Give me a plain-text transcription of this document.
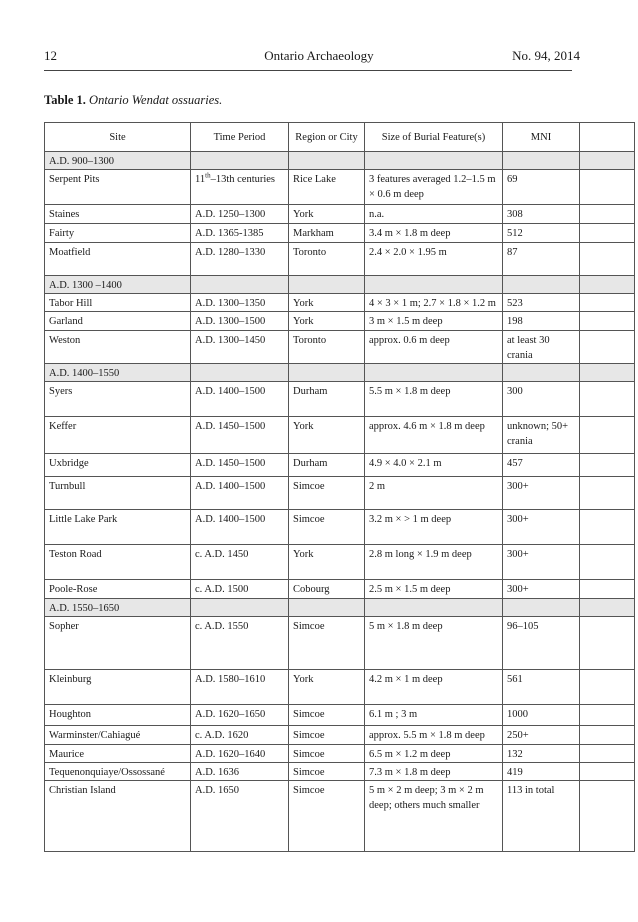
12	Ontario Archaeology	No. 94, 2014
Table 1. Ontario Wendat ossuaries.
Site	Time Period	Region or City	Size of Burial Feature(s)	MNI	
A.D. 900–1300					
Serpent Pits	11th–13th centuries	Rice Lake	3 features averaged 1.2–1.5 m × 0.6 m deep	69	
Staines	A.D. 1250–1300	York	n.a.	308	
Fairty	A.D. 1365-1385	Markham	3.4 m × 1.8 m deep	512	
Moatfield	A.D. 1280–1330	Toronto	2.4 × 2.0 × 1.95 m	87	
A.D. 1300 –1400					
Tabor Hill	A.D. 1300–1350	York	4 × 3 × 1 m; 2.7 × 1.8 × 1.2 m	523	
Garland	A.D. 1300–1500	York	3 m × 1.5 m deep	198	
Weston	A.D. 1300–1450	Toronto	approx. 0.6 m deep	at least 30 crania	
A.D. 1400–1550					
Syers	A.D. 1400–1500	Durham	5.5 m × 1.8 m deep	300	
Keffer	A.D. 1450–1500	York	approx. 4.6 m × 1.8 m deep	unknown; 50+ crania	
Uxbridge	A.D. 1450–1500	Durham	4.9 × 4.0 × 2.1 m	457	
Turnbull	A.D. 1400–1500	Simcoe	2 m	300+	
Little Lake Park	A.D. 1400–1500	Simcoe	3.2 m × > 1 m deep	300+	
Teston Road	c. A.D. 1450	York	2.8 m long × 1.9 m deep	300+	
Poole-Rose	c. A.D. 1500	Cobourg	2.5 m × 1.5 m deep	300+	
A.D. 1550–1650					
Sopher	c. A.D. 1550	Simcoe	5 m × 1.8 m deep	96–105	
Kleinburg	A.D. 1580–1610	York	4.2 m × 1 m deep	561	
Houghton	A.D. 1620–1650	Simcoe	6.1 m ; 3 m	1000	
Warminster/Cahiagué	c. A.D. 1620	Simcoe	approx. 5.5 m × 1.8 m deep	250+	
Maurice	A.D. 1620–1640	Simcoe	6.5 m × 1.2 m deep	132	
Tequenonquiaye/Ossossané	A.D. 1636	Simcoe	7.3 m × 1.8 m deep	419	
Christian Island	A.D. 1650	Simcoe	5 m × 2 m deep; 3 m × 2 m deep; others much smaller	113 in total	
